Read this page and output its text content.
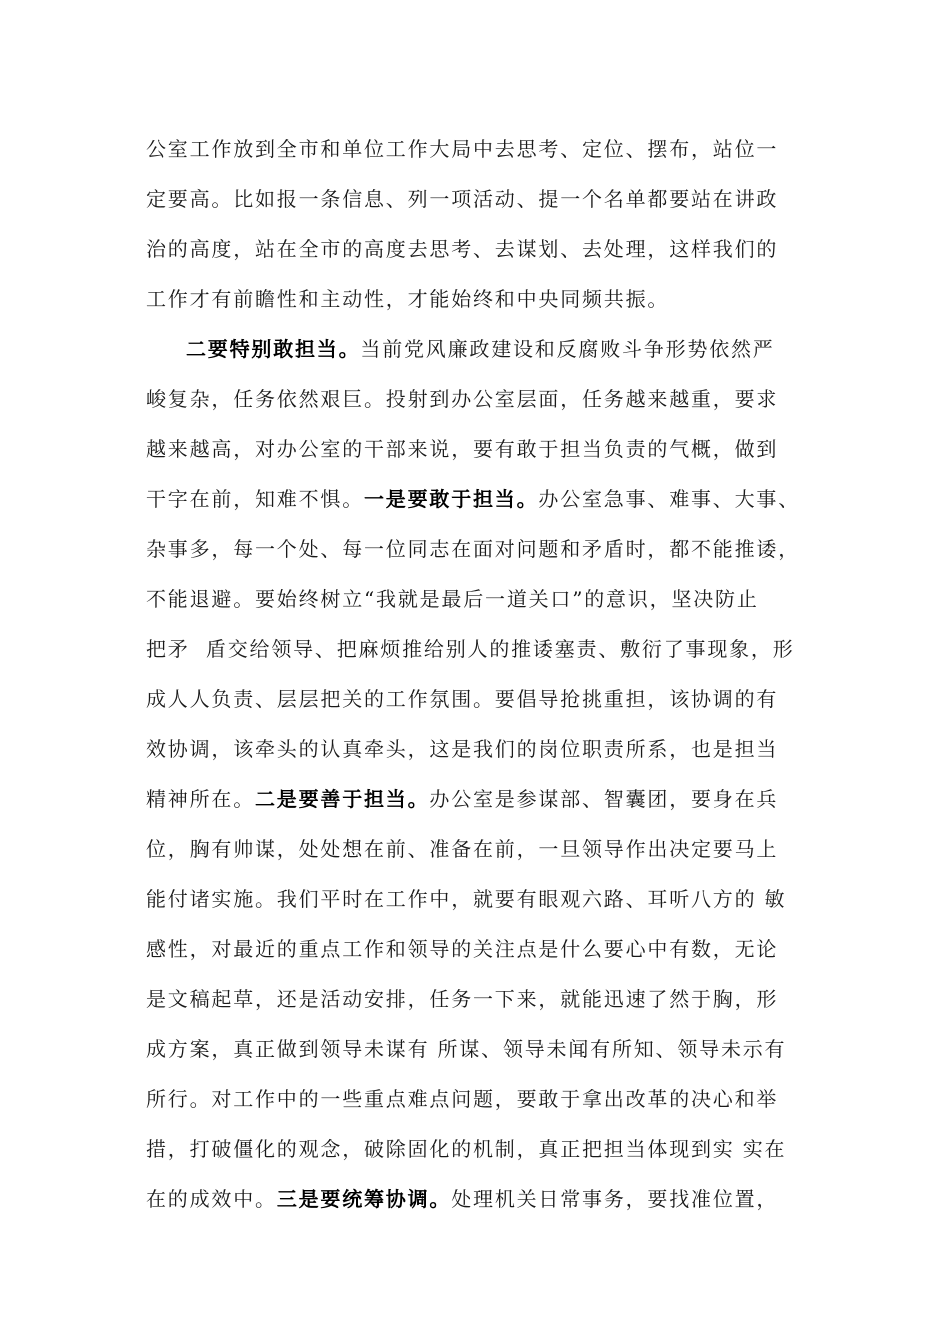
公室工作放到全市和单位工作大局中去思考、定位、摆布，站位一
定要高。比如报一条信息、列一项活动、提一个名单都要站在讲政
治的高度，站在全市的高度去思考、去谋划、去处理，这样我们的
工作才有前瞻性和主动性，才能始终和中央同频共振。
二要特别敢担当。当前党风廉政建设和反腐败斗争形势依然严
峻复杂，任务依然艰巨。投射到办公室层面，任务越来越重，要求
越来越高，对办公室的干部来说，要有敢于担当负责的气概，做到
干字在前，知难不惧。一是要敢于担当。办公室急事、难事、大事、
杂事多，每一个处、每一位同志在面对问题和矛盾时，都不能推诿，
不能退避。要始终树立“我就是最后一道关口”的意识，坚决防止
把矛  盾交给领导、把麻烦推给别人的推诿塞责、敷衍了事现象，形
成人人负责、层层把关的工作氛围。要倡导抢挑重担，该协调的有
效协调，该牵头的认真牵头，这是我们的岗位职责所系，也是担当
精神所在。二是要善于担当。办公室是参谋部、智囊团，要身在兵
位，胸有帅谋，处处想在前、准备在前，一旦领导作出决定要马上
能付诸实施。我们平时在工作中，就要有眼观六路、耳听八方的 敏
感性，对最近的重点工作和领导的关注点是什么要心中有数，无论
是文稿起草，还是活动安排，任务一下来，就能迅速了然于胸，形
成方案，真正做到领导未谋有 所谋、领导未闻有所知、领导未示有
所行。对工作中的一些重点难点问题，要敢于拿出改革的决心和举
措，打破僵化的观念，破除固化的机制，真正把担当体现到实 实在
在的成效中。三是要统筹协调。处理机关日常事务，要找准位置，
